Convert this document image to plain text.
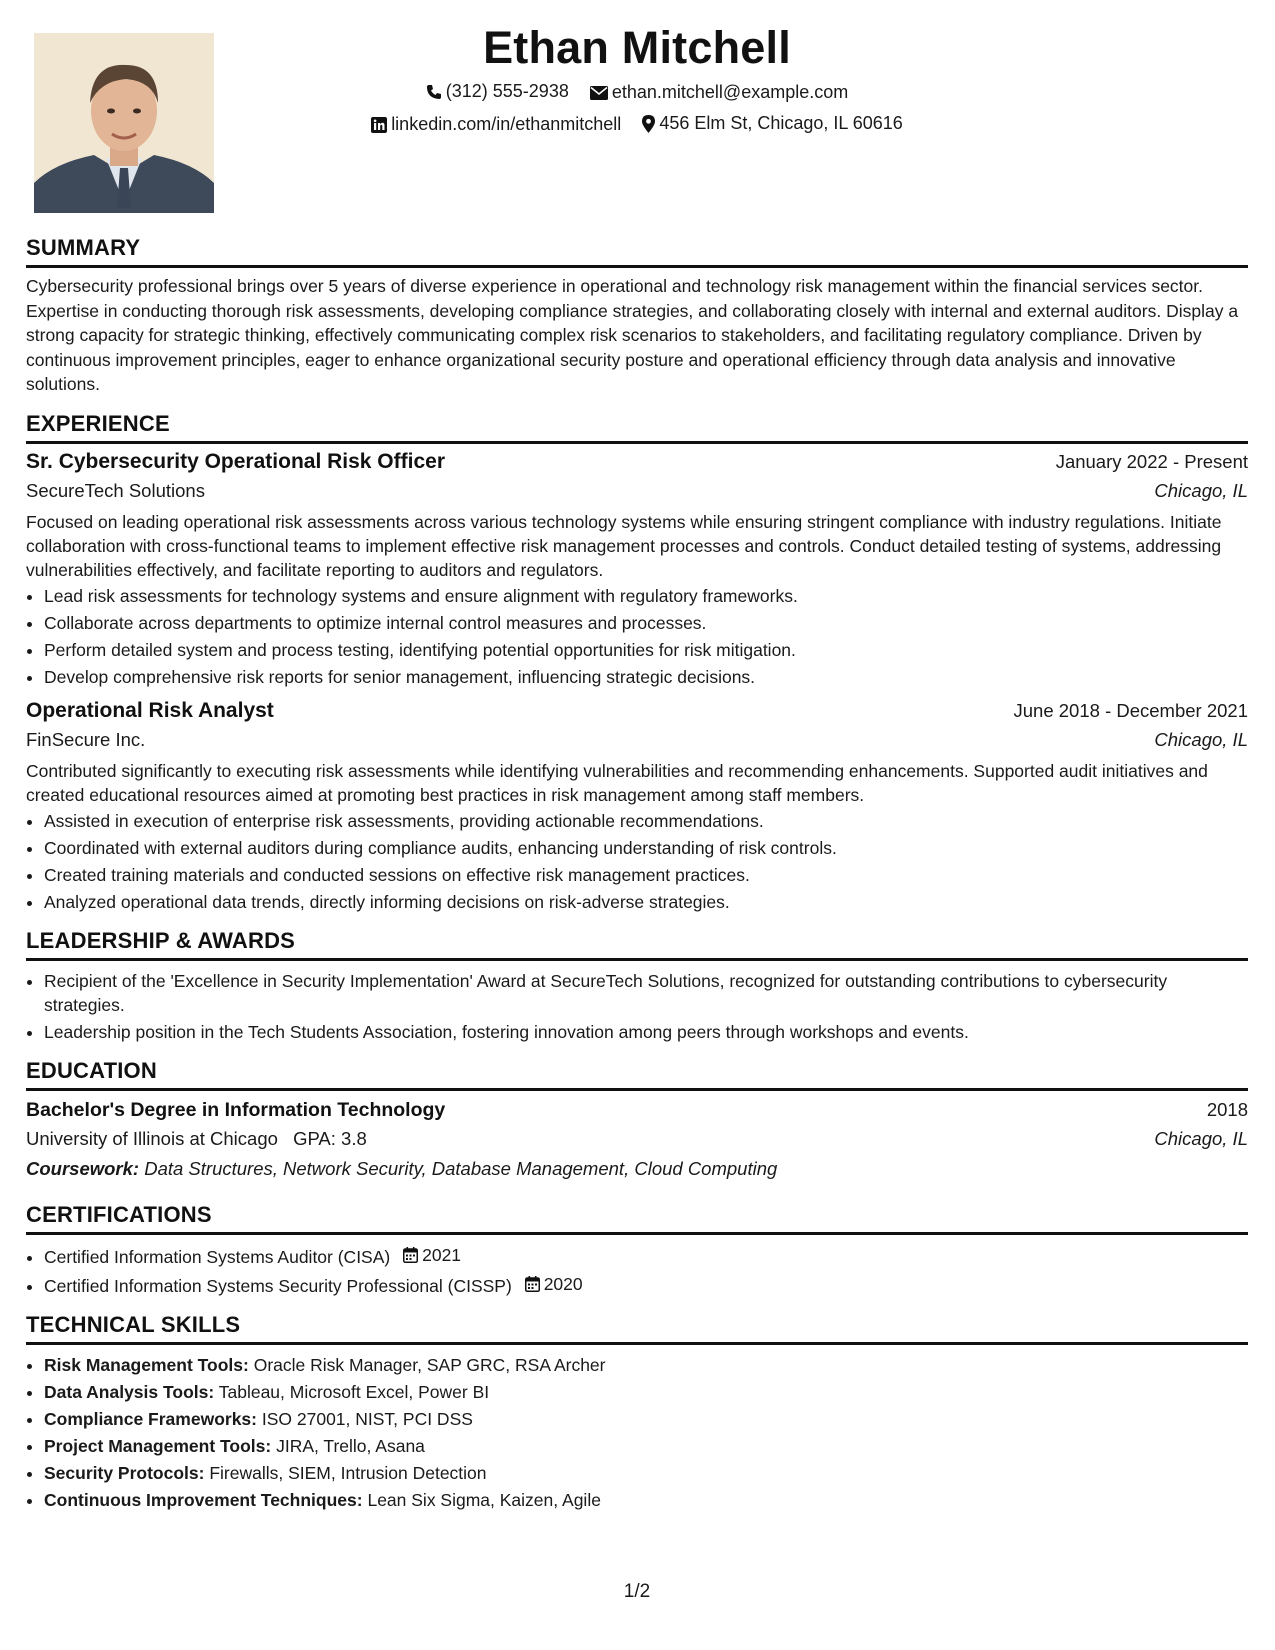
Ethan Mitchell
(312) 555-2938
ethan.mitchell@example.com
linkedin.com/in/ethanmitchell
456 Elm St, Chicago, IL 60616
SUMMARY
Cybersecurity professional brings over 5 years of diverse experience in operational and technology risk management within the financial services sector. Expertise in conducting thorough risk assessments, developing compliance strategies, and collaborating closely with internal and external auditors. Display a strong capacity for strategic thinking, effectively communicating complex risk scenarios to stakeholders, and facilitating regulatory compliance. Driven by continuous improvement principles, eager to enhance organizational security posture and operational efficiency through data analysis and innovative solutions.
EXPERIENCE
Sr. Cybersecurity Operational Risk Officer	January 2022 - Present
SecureTech Solutions	Chicago, IL
Focused on leading operational risk assessments across various technology systems while ensuring stringent compliance with industry regulations. Initiate collaboration with cross-functional teams to implement effective risk management processes and controls. Conduct detailed testing of systems, addressing vulnerabilities effectively, and facilitate reporting to auditors and regulators.
• Lead risk assessments for technology systems and ensure alignment with regulatory frameworks.
• Collaborate across departments to optimize internal control measures and processes.
• Perform detailed system and process testing, identifying potential opportunities for risk mitigation.
• Develop comprehensive risk reports for senior management, influencing strategic decisions.
Operational Risk Analyst	June 2018 - December 2021
FinSecure Inc.	Chicago, IL
Contributed significantly to executing risk assessments while identifying vulnerabilities and recommending enhancements. Supported audit initiatives and created educational resources aimed at promoting best practices in risk management among staff members.
• Assisted in execution of enterprise risk assessments, providing actionable recommendations.
• Coordinated with external auditors during compliance audits, enhancing understanding of risk controls.
• Created training materials and conducted sessions on effective risk management practices.
• Analyzed operational data trends, directly informing decisions on risk-adverse strategies.
LEADERSHIP & AWARDS
• Recipient of the 'Excellence in Security Implementation' Award at SecureTech Solutions, recognized for outstanding contributions to cybersecurity strategies.
• Leadership position in the Tech Students Association, fostering innovation among peers through workshops and events.
EDUCATION
Bachelor's Degree in Information Technology	2018
University of Illinois at Chicago GPA: 3.8	Chicago, IL
Coursework: Data Structures, Network Security, Database Management, Cloud Computing
CERTIFICATIONS
• Certified Information Systems Auditor (CISA) 2021
• Certified Information Systems Security Professional (CISSP) 2020
TECHNICAL SKILLS
• Risk Management Tools: Oracle Risk Manager, SAP GRC, RSA Archer
• Data Analysis Tools: Tableau, Microsoft Excel, Power BI
• Compliance Frameworks: ISO 27001, NIST, PCI DSS
• Project Management Tools: JIRA, Trello, Asana
• Security Protocols: Firewalls, SIEM, Intrusion Detection
• Continuous Improvement Techniques: Lean Six Sigma, Kaizen, Agile
1/2
